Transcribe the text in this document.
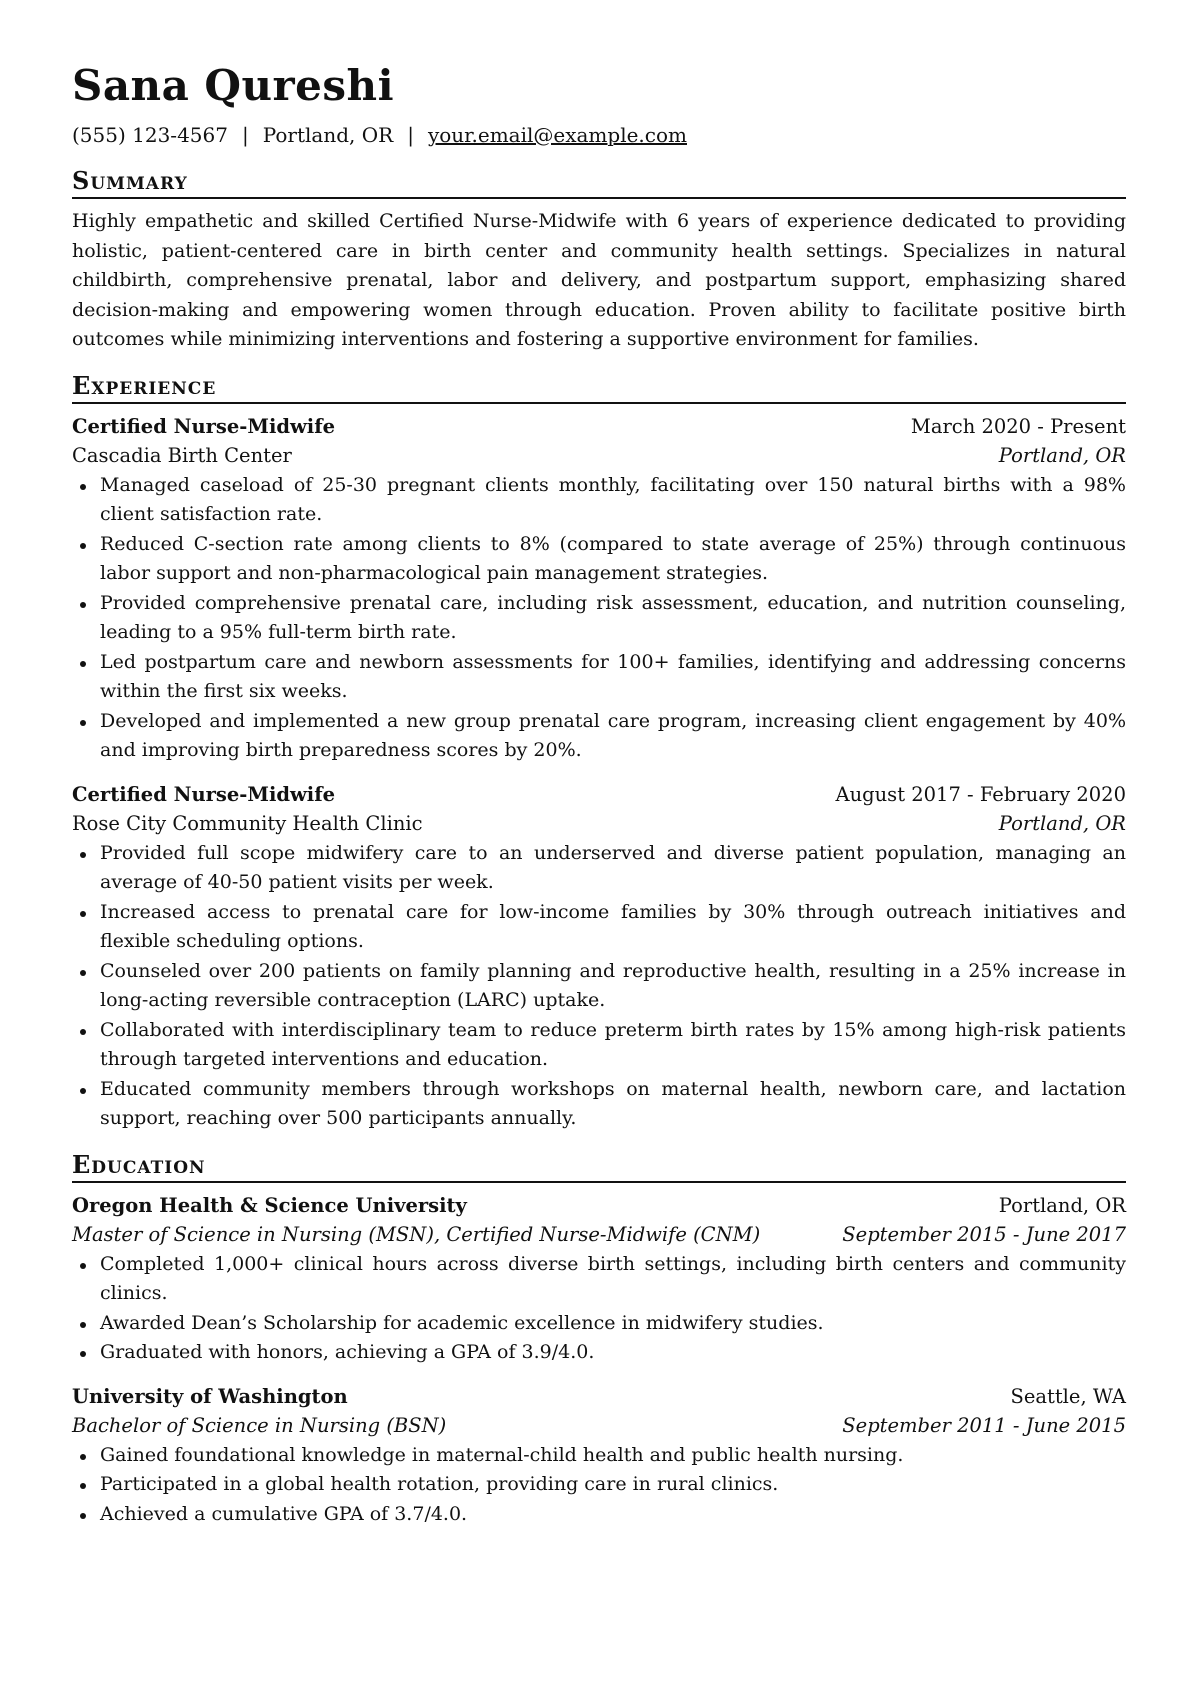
Sana Qureshi
(555) 123-4567 | Portland, OR | your.email@example.com
Summary

Highly empathetic and skilled Certified Nurse-Midwife with 6 years of experience dedicated to providing holistic, patient-centered care in birth center and community health settings. Specializes in natural childbirth, comprehensive prenatal, labor and delivery, and postpartum support, emphasizing shared decision-making and empowering women through education. Proven ability to facilitate positive birth outcomes while minimizing interventions and fostering a supportive environment for families.

Experience
Certified Nurse-Midwife	March 2020 - Present
Cascadia Birth Center	Portland, OR
Managed caseload of 25-30 pregnant clients monthly, facilitating over 150 natural births with a 98% client satisfaction rate.
Reduced C-section rate among clients to 8% (compared to state average of 25%) through continuous labor support and non-pharmacological pain management strategies.
Provided comprehensive prenatal care, including risk assessment, education, and nutrition counseling, leading to a 95% full-term birth rate.
Led postpartum care and newborn assessments for 100+ families, identifying and addressing concerns within the first six weeks.
Developed and implemented a new group prenatal care program, increasing client engagement by 40% and improving birth preparedness scores by 20%.
Certified Nurse-Midwife	August 2017 - February 2020
Rose City Community Health Clinic	Portland, OR
Provided full scope midwifery care to an underserved and diverse patient population, managing an average of 40-50 patient visits per week.
Increased access to prenatal care for low-income families by 30% through outreach initiatives and flexible scheduling options.
Counseled over 200 patients on family planning and reproductive health, resulting in a 25% increase in long-acting reversible contraception (LARC) uptake.
Collaborated with interdisciplinary team to reduce preterm birth rates by 15% among high-risk patients through targeted interventions and education.
Educated community members through workshops on maternal health, newborn care, and lactation support, reaching over 500 participants annually.
Education
Oregon Health & Science University	Portland, OR
Master of Science in Nursing (MSN), Certified Nurse-Midwife (CNM)	September 2015 - June 2017
Completed 1,000+ clinical hours across diverse birth settings, including birth centers and community clinics.
Awarded Dean’s Scholarship for academic excellence in midwifery studies.
Graduated with honors, achieving a GPA of 3.9/4.0.
University of Washington	Seattle, WA
Bachelor of Science in Nursing (BSN)	September 2011 - June 2015
Gained foundational knowledge in maternal-child health and public health nursing.
Participated in a global health rotation, providing care in rural clinics.
Achieved a cumulative GPA of 3.7/4.0.
